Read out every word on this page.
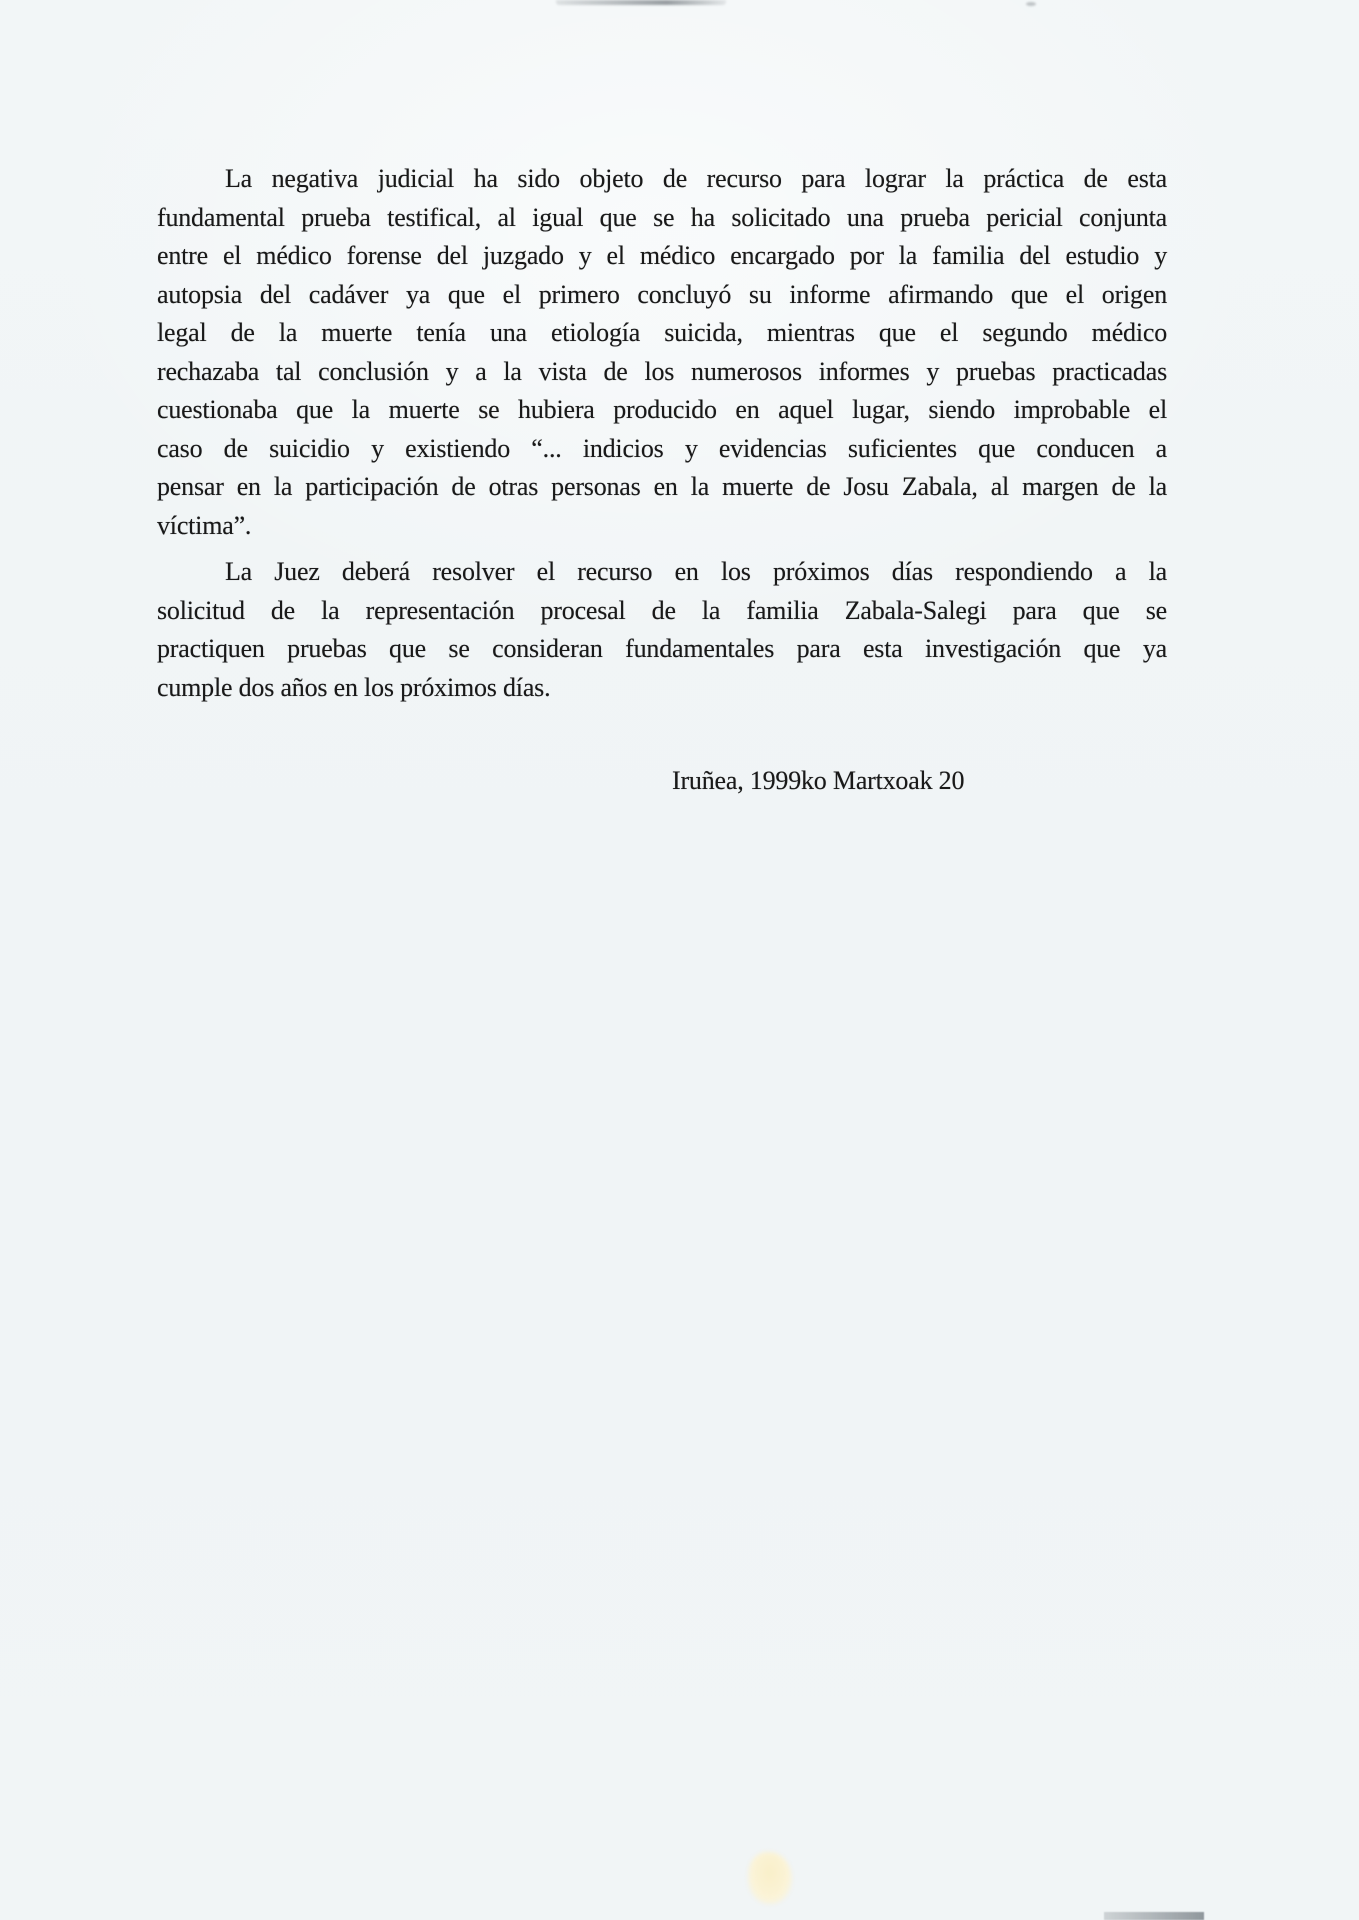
La negativa judicial ha sido objeto de recurso para lograr la práctica de esta
fundamental prueba testifical, al igual que se ha solicitado una prueba pericial conjunta
entre el médico forense del juzgado y el médico encargado por la familia del estudio y
autopsia del cadáver ya que el primero concluyó su informe afirmando que el origen
legal de la muerte tenía una etiología suicida, mientras que el segundo médico
rechazaba tal conclusión y a la vista de los numerosos informes y pruebas practicadas
cuestionaba que la muerte se hubiera producido en aquel lugar, siendo improbable el
caso de suicidio y existiendo “... indicios y evidencias suficientes que conducen a
pensar en la participación de otras personas en la muerte de Josu Zabala, al margen de la
víctima”.
La Juez deberá resolver el recurso en los próximos días respondiendo a la
solicitud de la representación procesal de la familia Zabala-Salegi para que se
practiquen pruebas que se consideran fundamentales para esta investigación que ya
cumple dos años en los próximos días.
Iruñea, 1999ko Martxoak 20
